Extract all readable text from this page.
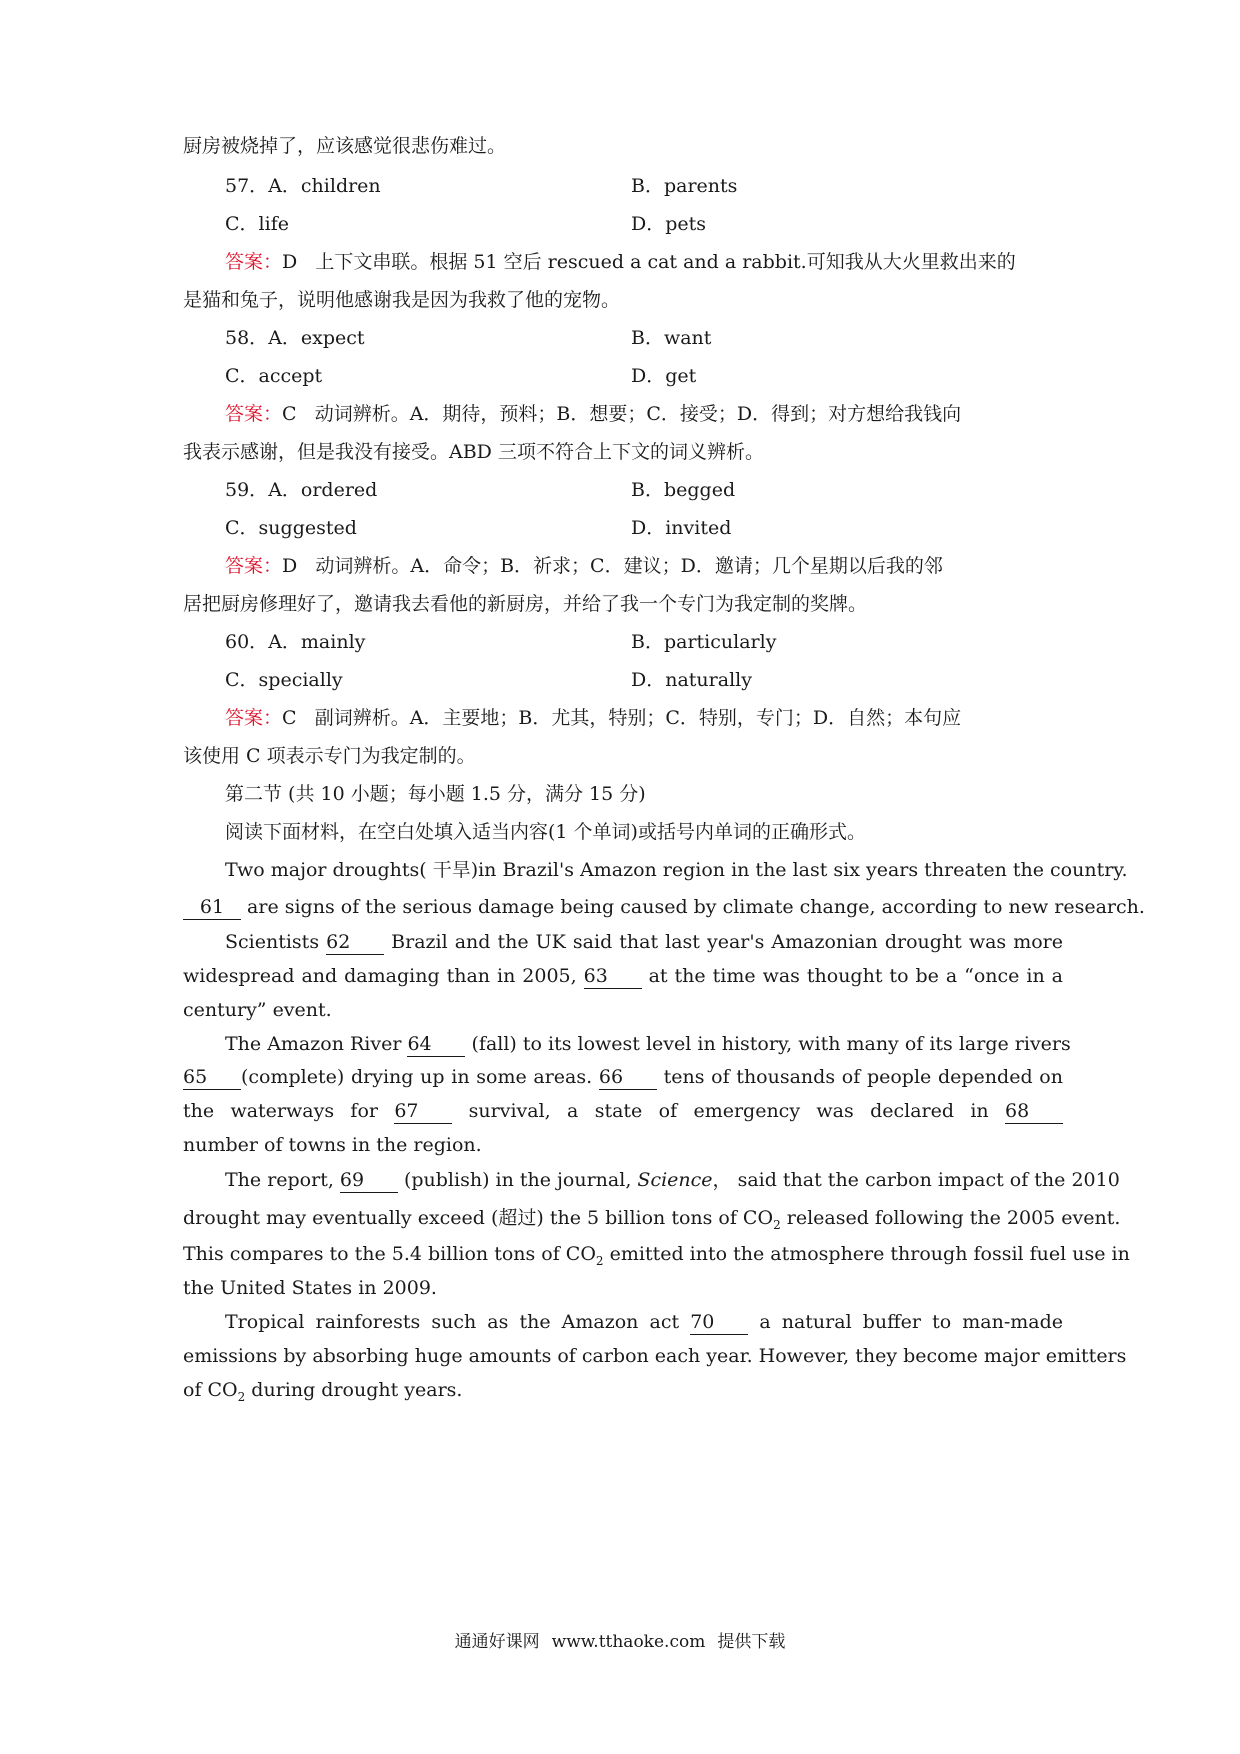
厨房被烧掉了，应该感觉很悲伤难过。
57．A．children	B．parents
C．life	D．pets
答案：D 上下文串联。根据 51 空后 rescued a cat and a rabbit.可知我从大火里救出来的
是猫和兔子，说明他感谢我是因为我救了他的宠物。
58．A．expect	B．want
C．accept	D．get
答案：C 动词辨析。A．期待，预料；B．想要；C．接受；D．得到；对方想给我钱向
我表示感谢，但是我没有接受。ABD 三项不符合上下文的词义辨析。
59．A．ordered	B．begged
C．suggested	D．invited
答案：D 动词辨析。A．命令；B．祈求；C．建议；D．邀请；几个星期以后我的邻
居把厨房修理好了，邀请我去看他的新厨房，并给了我一个专门为我定制的奖牌。
60．A．mainly	B．particularly
C．specially	D．naturally
答案：C 副词辨析。A．主要地；B．尤其，特别；C．特别，专门；D．自然；本句应
该使用 C 项表示专门为我定制的。
第二节 (共 10 小题；每小题 1.5 分，满分 15 分)
阅读下面材料，在空白处填入适当内容(1 个单词)或括号内单词的正确形式。
Two major droughts( 干旱)in Brazil's Amazon region in the last six years threaten the country.
61 are signs of the serious damage being caused by climate change, according to new research.
Scientists 62 Brazil and the UK said that last year's Amazonian drought was more
widespread and damaging than in 2005, 63 at the time was thought to be a “once in a
century” event.
The Amazon River 64 (fall) to its lowest level in history, with many of its large rivers
65 (complete) drying up in some areas. 66 tens of thousands of people depended on
the waterways for 67 survival, a state of emergency was declared in 68
number of towns in the region.
The report, 69 (publish) in the journal, Science， said that the carbon impact of the 2010
drought may eventually exceed (超过) the 5 billion tons of $CO_2$ released following the 2005 event.
This compares to the 5.4 billion tons of $CO_2$ emitted into the atmosphere through fossil fuel use in
the United States in 2009.
Tropical rainforests such as the Amazon act 70 a natural buffer to man-made
emissions by absorbing huge amounts of carbon each year. However, they become major emitters
of $CO_2$ during drought years.
通通好课网 www.tthaoke.com 提供下载
